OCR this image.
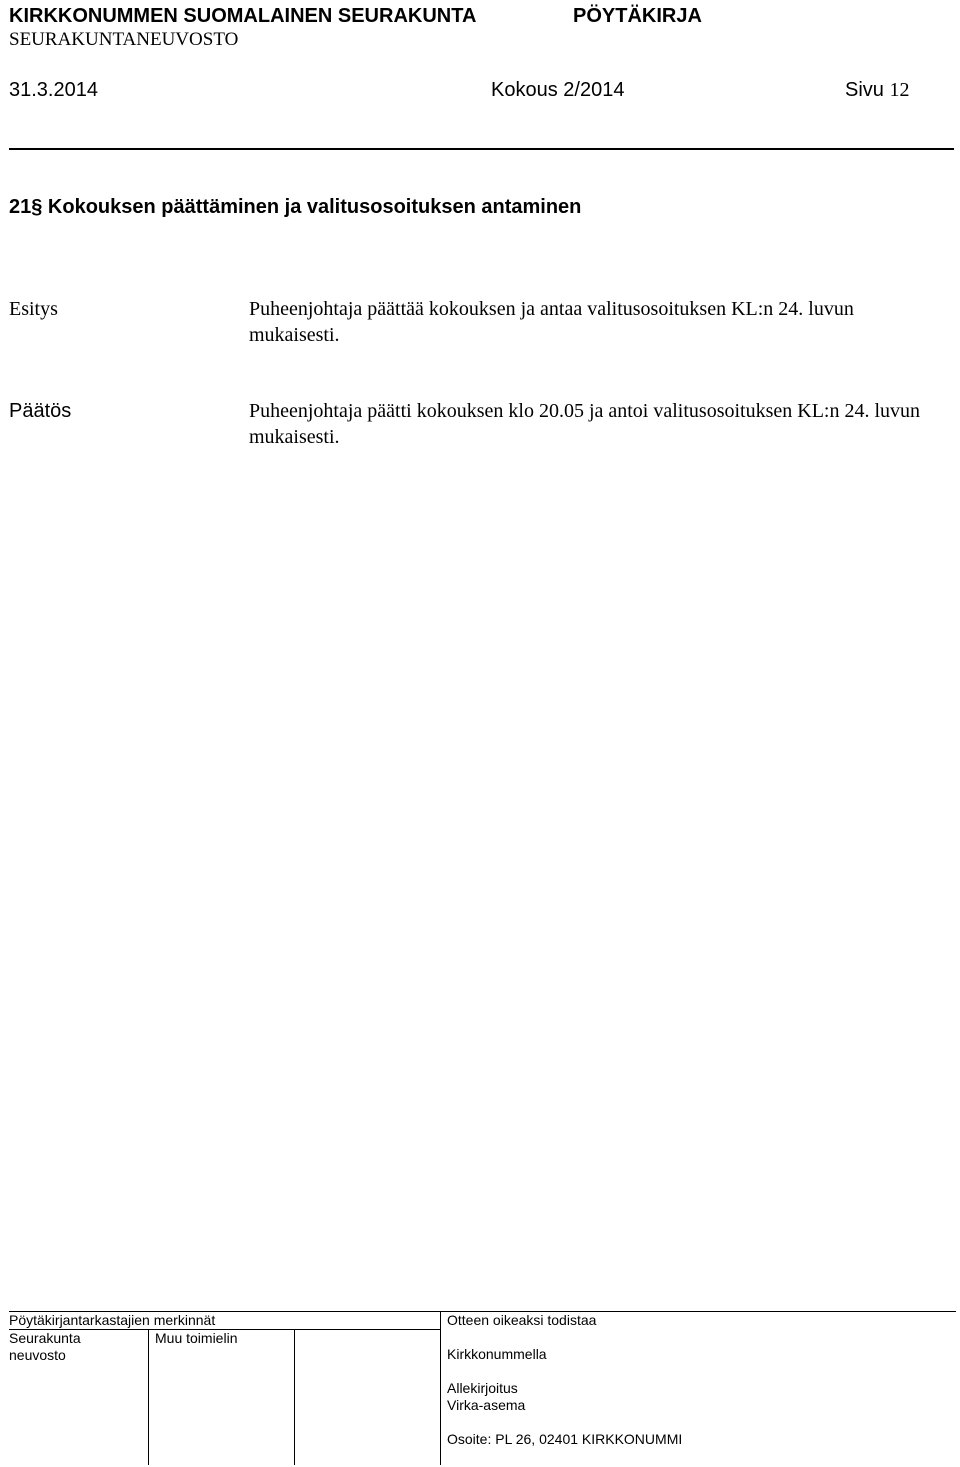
KIRKKONUMMEN SUOMALAINEN SEURAKUNTA	PÖYTÄKIRJA
SEURAKUNTANEUVOSTO
31.3.2014	Kokous 2/2014	Sivu 12
21§ Kokouksen päättäminen ja valitusosoituksen antaminen
Esitys	Puheenjohtaja päättää kokouksen ja antaa valitusosoituksen KL:n 24. luvun mukaisesti.
Päätös	Puheenjohtaja päätti kokouksen klo 20.05 ja antoi valitusosoituksen KL:n 24. luvun mukaisesti.
Pöytäkirjantarkastajien merkinnät
Seurakunta
neuvosto
Muu toimielin
Otteen oikeaksi todistaa
Kirkkonummella
Allekirjoitus
Virka-asema
Osoite: PL 26, 02401 KIRKKONUMMI
